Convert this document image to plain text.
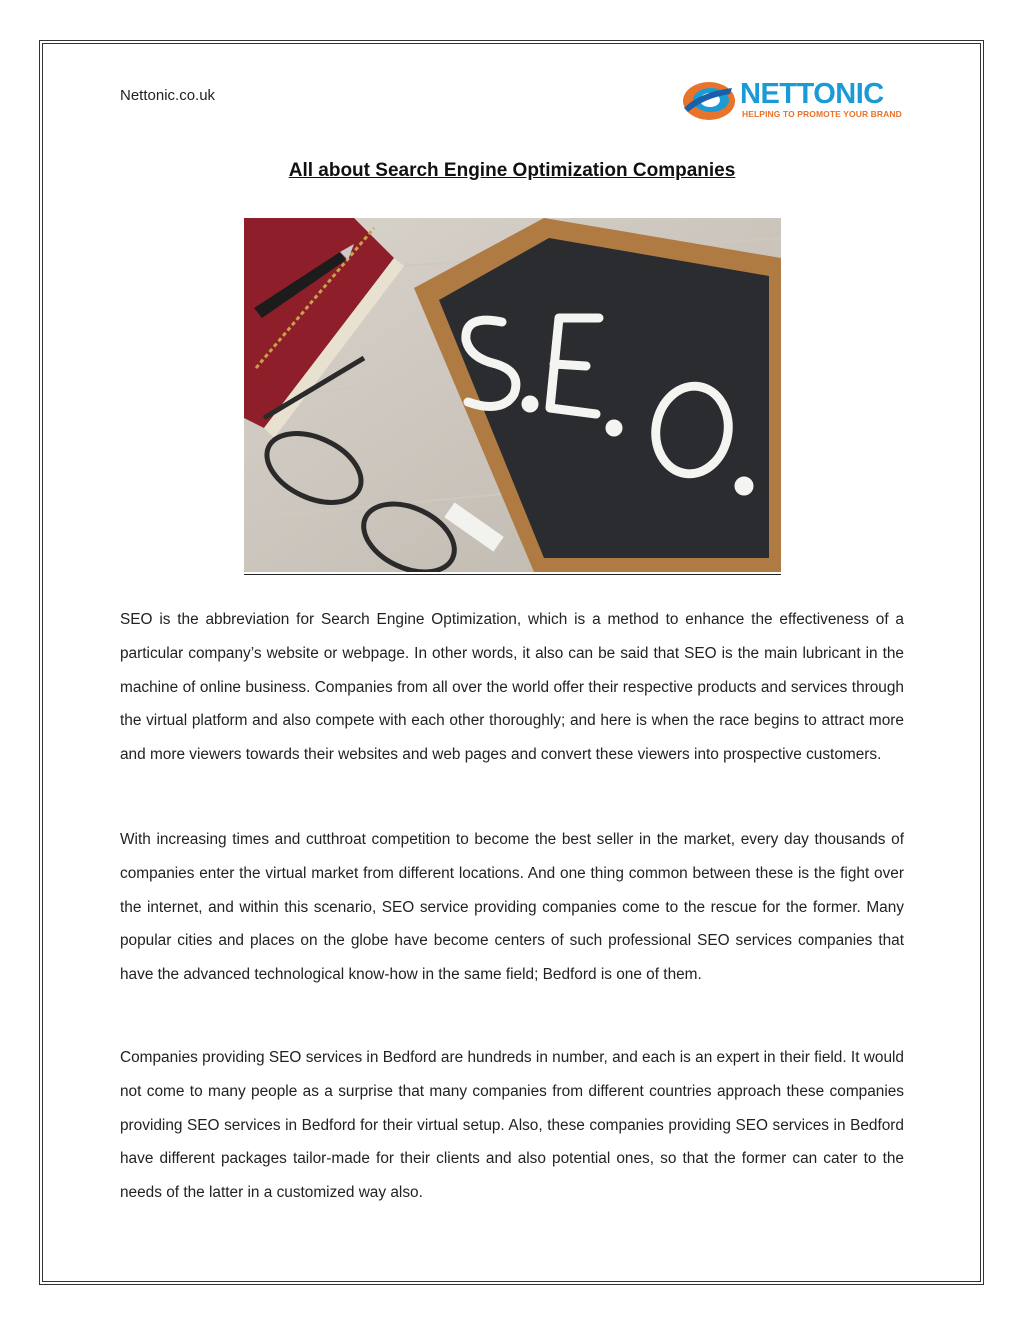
Nettonic.co.uk	NETTONIC
HELPING TO PROMOTE YOUR BRAND
All about Search Engine Optimization Companies

SEO is the abbreviation for Search Engine Optimization, which is a method to enhance the effectiveness of a particular company’s website or webpage. In other words, it also can be said that SEO is the main lubricant in the machine of online business. Companies from all over the world offer their respective products and services through the virtual platform and also compete with each other thoroughly; and here is when the race begins to attract more and more viewers towards their websites and web pages and convert these viewers into prospective customers.

With increasing times and cutthroat competition to become the best seller in the market, every day thousands of companies enter the virtual market from different locations. And one thing common between these is the fight over the internet, and within this scenario, SEO service providing companies come to the rescue for the former. Many popular cities and places on the globe have become centers of such professional SEO services companies that have the advanced technological know-how in the same field; Bedford is one of them.

Companies providing SEO services in Bedford are hundreds in number, and each is an expert in their field. It would not come to many people as a surprise that many companies from different countries approach these companies providing SEO services in Bedford for their virtual setup. Also, these companies providing SEO services in Bedford have different packages tailor-made for their clients and also potential ones, so that the former can cater to the needs of the latter in a customized way also.
